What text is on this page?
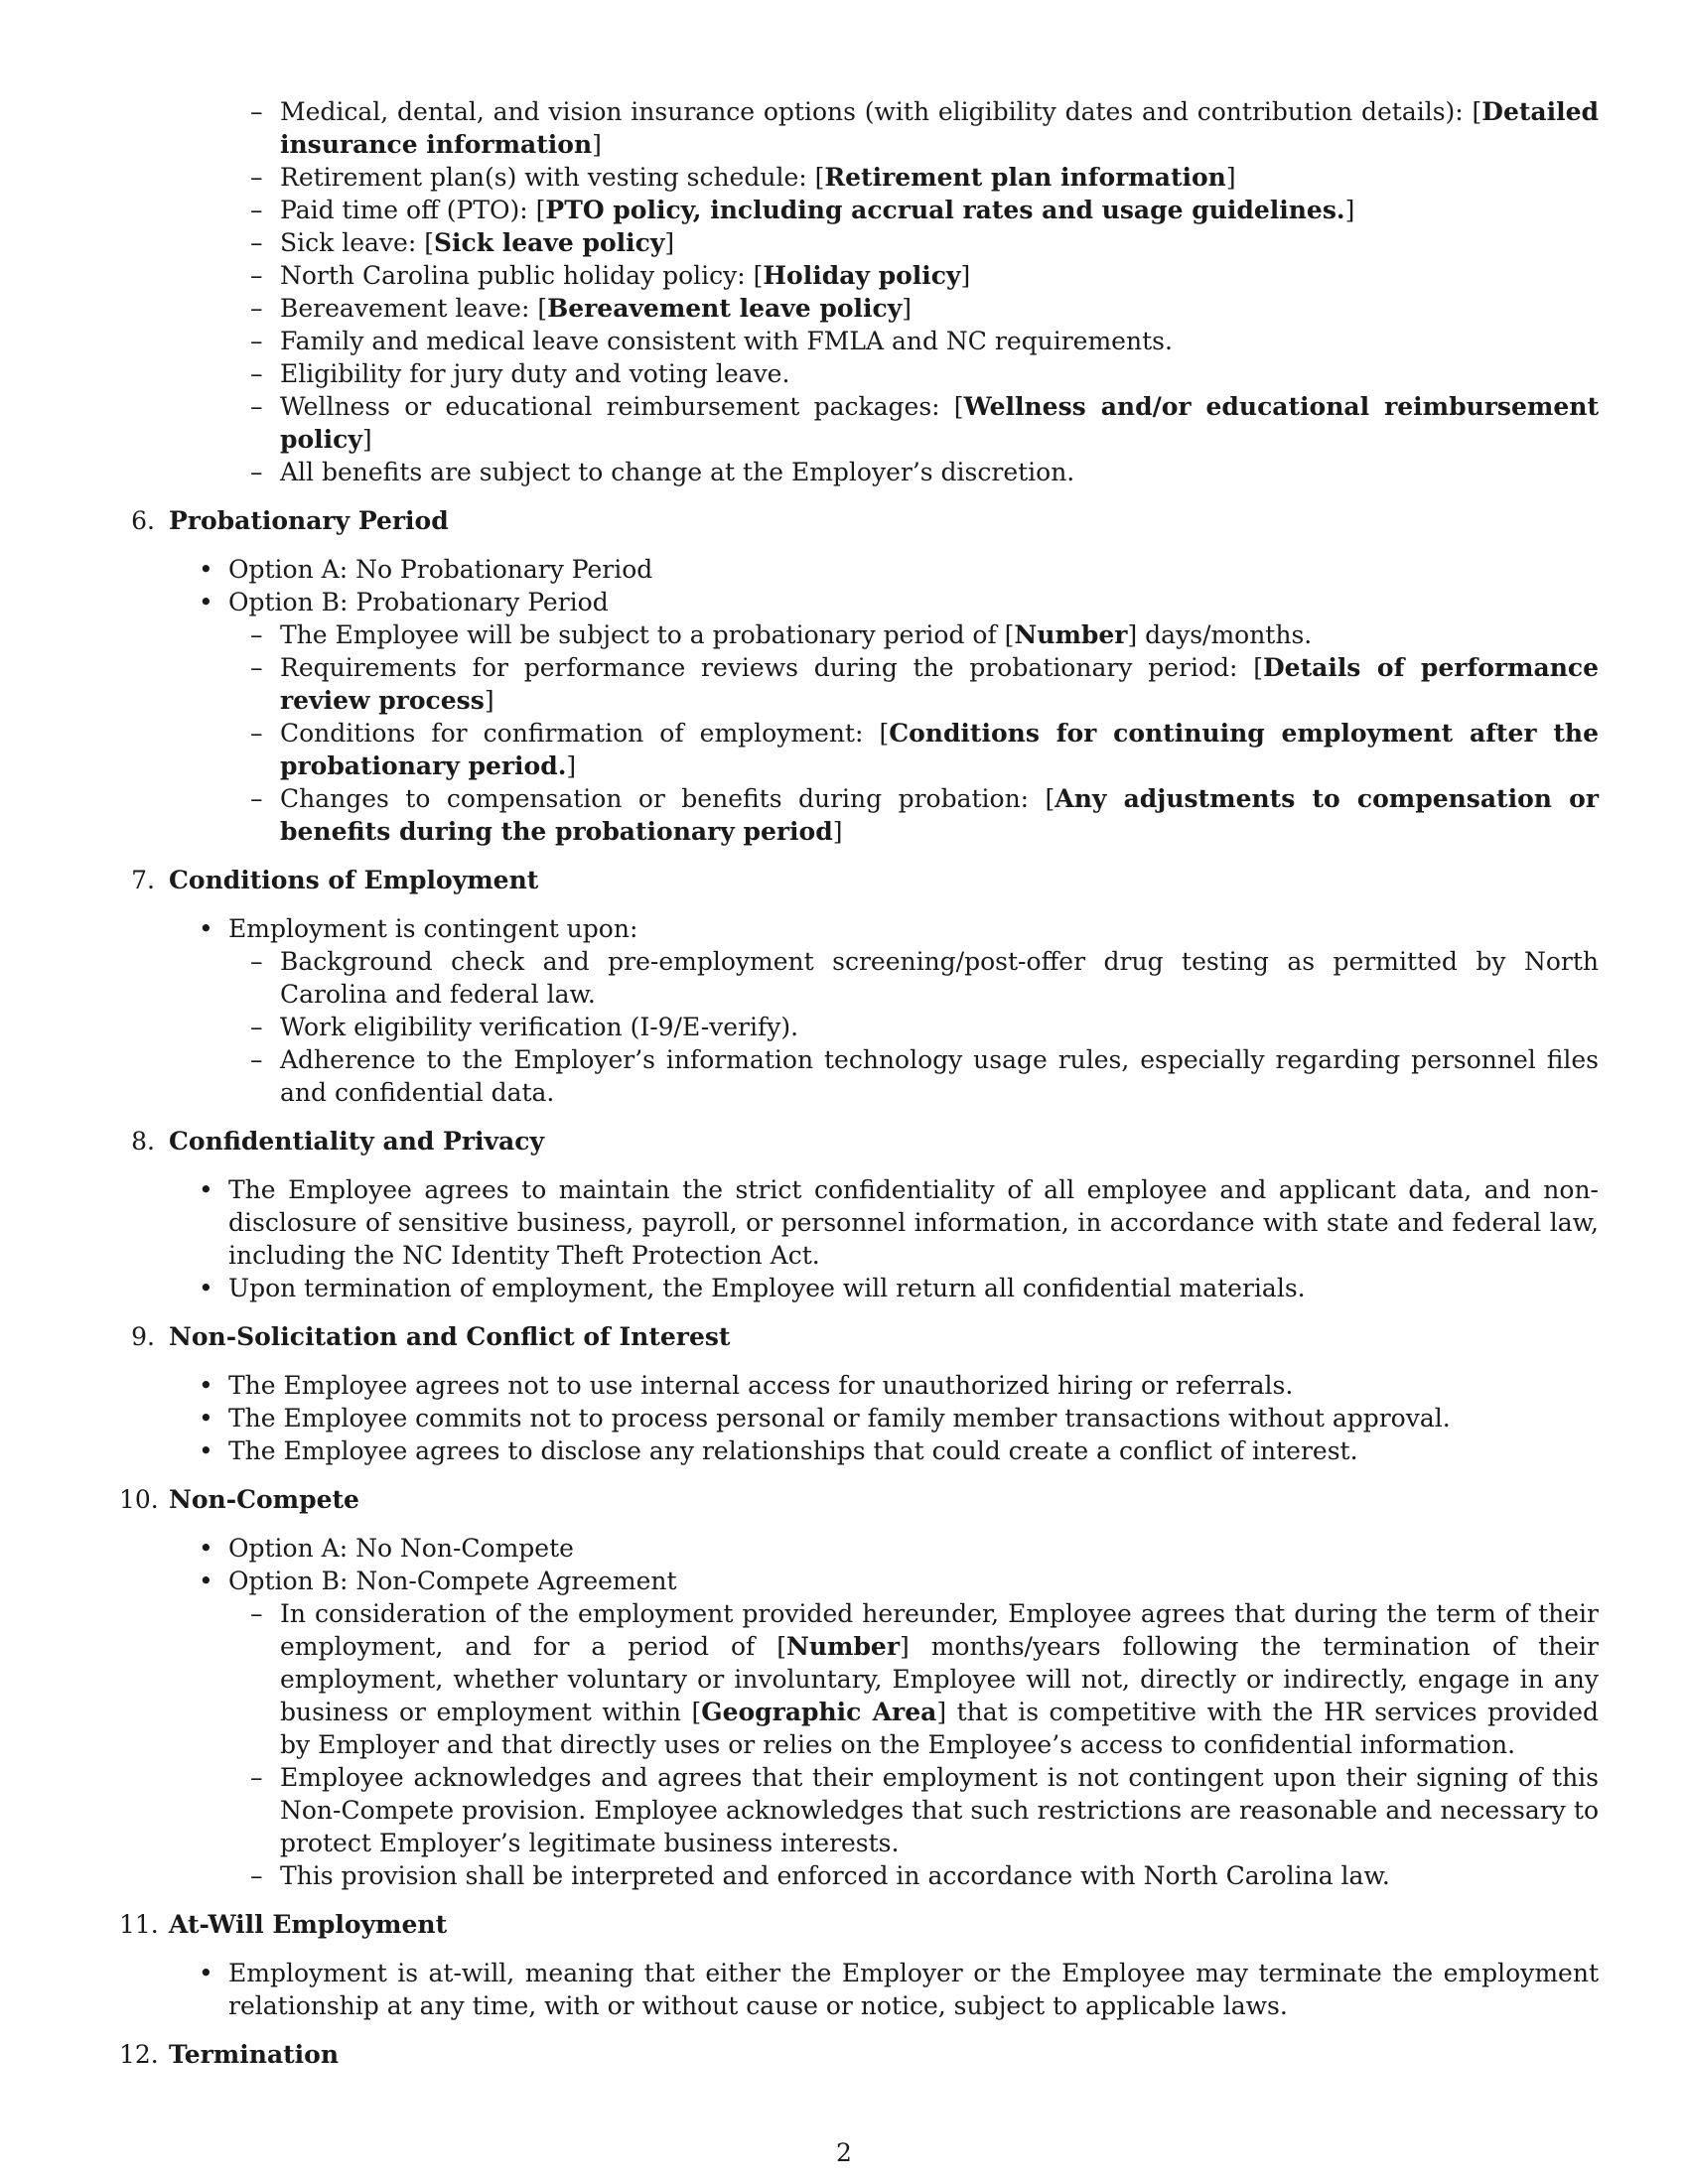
– Medical, dental, and vision insurance options (with eligibility dates and contribution details): [Detailed insurance information]
– Retirement plan(s) with vesting schedule: [Retirement plan information]
– Paid time off (PTO): [PTO policy, including accrual rates and usage guidelines.]
– Sick leave: [Sick leave policy]
– North Carolina public holiday policy: [Holiday policy]
– Bereavement leave: [Bereavement leave policy]
– Family and medical leave consistent with FMLA and NC requirements.
– Eligibility for jury duty and voting leave.
– Wellness or educational reimbursement packages: [Wellness and/or educational reimbursement policy]
– All benefits are subject to change at the Employer’s discretion.
6. Probationary Period
• Option A: No Probationary Period
• Option B: Probationary Period
– The Employee will be subject to a probationary period of [Number] days/months.
– Requirements for performance reviews during the probationary period: [Details of performance review process]
– Conditions for confirmation of employment: [Conditions for continuing employment after the probationary period.]
– Changes to compensation or benefits during probation: [Any adjustments to compensation or benefits during the probationary period]
7. Conditions of Employment
• Employment is contingent upon:
– Background check and pre-employment screening/post-offer drug testing as permitted by North Carolina and federal law.
– Work eligibility verification (I-9/E-verify).
– Adherence to the Employer’s information technology usage rules, especially regarding personnel files and confidential data.
8. Confidentiality and Privacy
• The Employee agrees to maintain the strict confidentiality of all employee and applicant data, and non-disclosure of sensitive business, payroll, or personnel information, in accordance with state and federal law, including the NC Identity Theft Protection Act.
• Upon termination of employment, the Employee will return all confidential materials.
9. Non-Solicitation and Conflict of Interest
• The Employee agrees not to use internal access for unauthorized hiring or referrals.
• The Employee commits not to process personal or family member transactions without approval.
• The Employee agrees to disclose any relationships that could create a conflict of interest.
10. Non-Compete
• Option A: No Non-Compete
• Option B: Non-Compete Agreement
– In consideration of the employment provided hereunder, Employee agrees that during the term of their employment, and for a period of [Number] months/years following the termination of their employment, whether voluntary or involuntary, Employee will not, directly or indirectly, engage in any business or employment within [Geographic Area] that is competitive with the HR services provided by Employer and that directly uses or relies on the Employee’s access to confidential information.
– Employee acknowledges and agrees that their employment is not contingent upon their signing of this Non-Compete provision. Employee acknowledges that such restrictions are reasonable and necessary to protect Employer’s legitimate business interests.
– This provision shall be interpreted and enforced in accordance with North Carolina law.
11. At-Will Employment
• Employment is at-will, meaning that either the Employer or the Employee may terminate the employment relationship at any time, with or without cause or notice, subject to applicable laws.
12. Termination
2
